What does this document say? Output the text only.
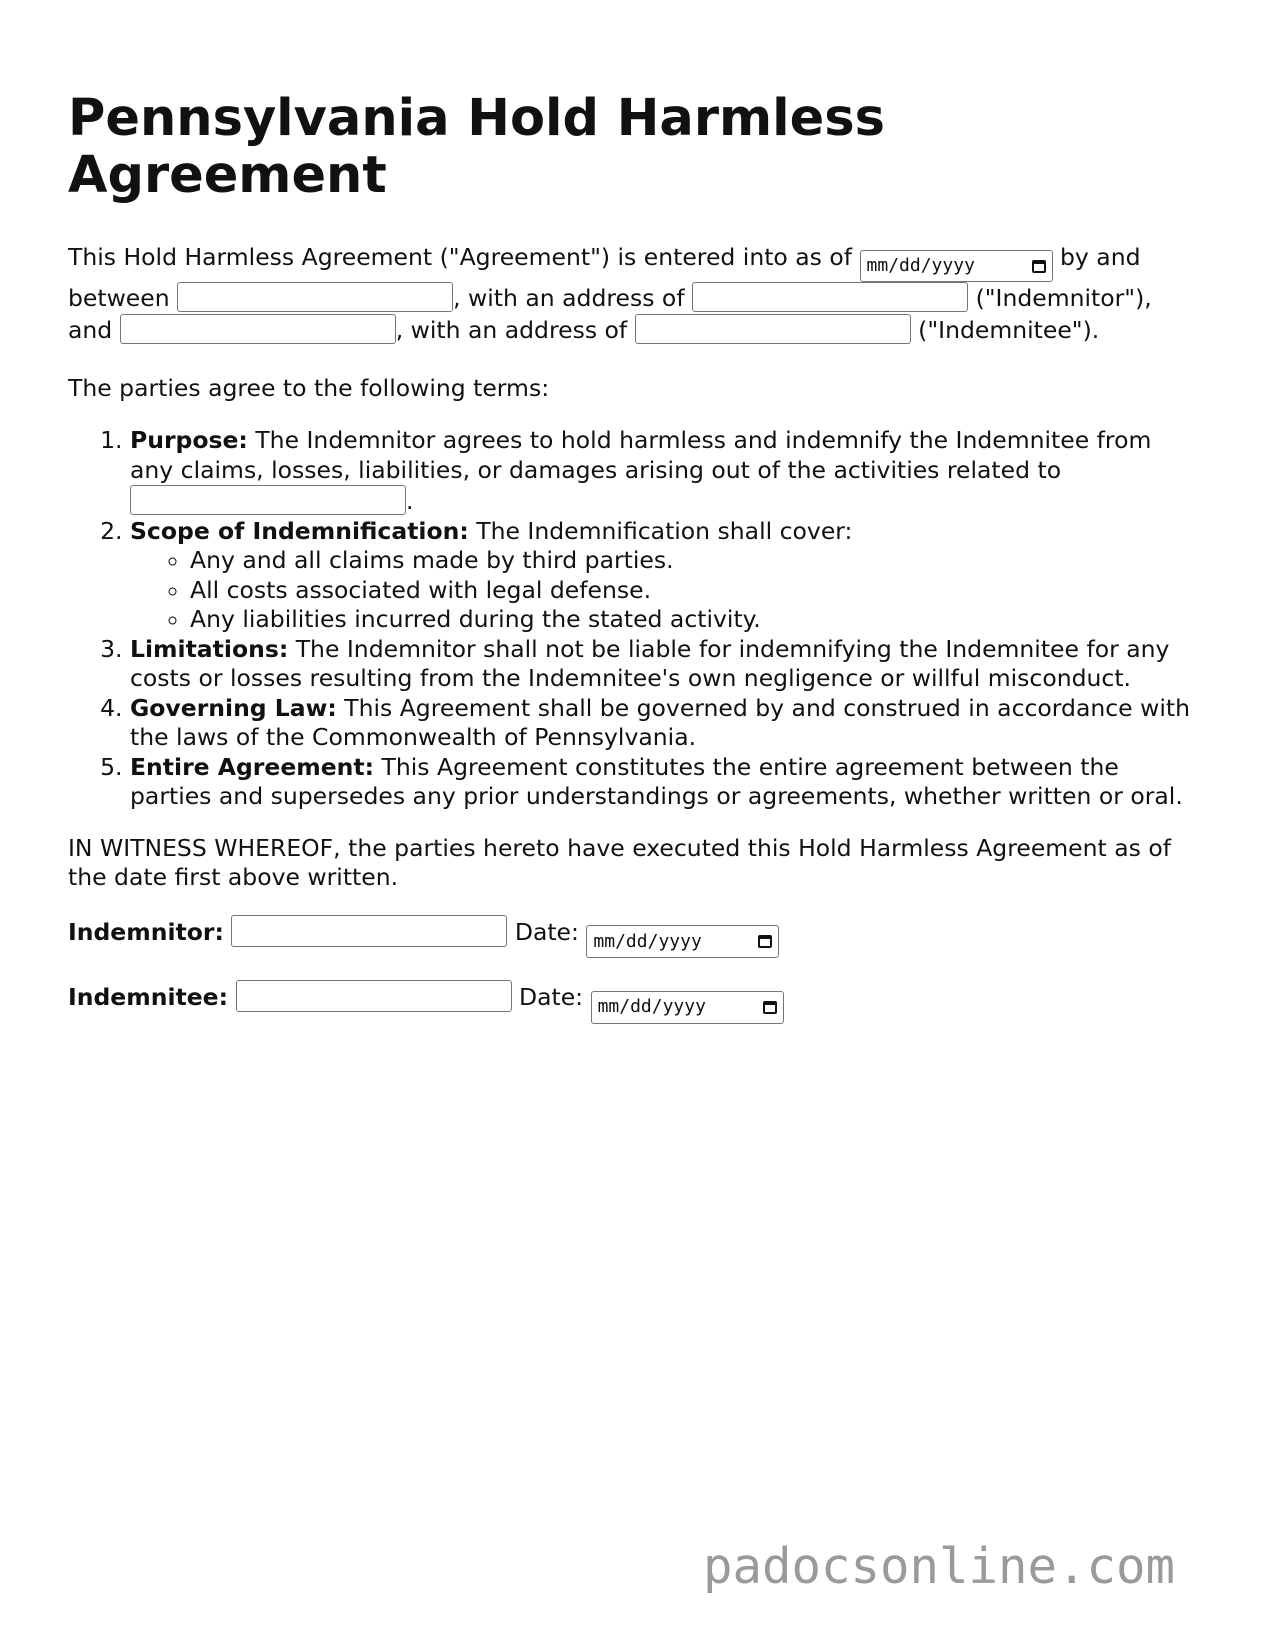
Pennsylvania Hold Harmless Agreement
This Hold Harmless Agreement ("Agreement") is entered into as of mm/dd/yyyy	by and between	, with an address of	("Indemnitor"), and	, with an address of	("Indemnitee").

The parties agree to the following terms:

1. Purpose: The Indemnitor agrees to hold harmless and indemnify the Indemnitee from any claims, losses, liabilities, or damages arising out of the activities related to .
2. Scope of Indemnification: The Indemnification shall cover:
◦ Any and all claims made by third parties.
◦ All costs associated with legal defense.
◦ Any liabilities incurred during the stated activity.
3. Limitations: The Indemnitor shall not be liable for indemnifying the Indemnitee for any costs or losses resulting from the Indemnitee's own negligence or willful misconduct.
4. Governing Law: This Agreement shall be governed by and construed in accordance with the laws of the Commonwealth of Pennsylvania.
5. Entire Agreement: This Agreement constitutes the entire agreement between the parties and supersedes any prior understandings or agreements, whether written or oral.

IN WITNESS WHEREOF, the parties hereto have executed this Hold Harmless Agreement as of the date first above written.

Indemnitor:	Date: mm/dd/yyyy
Indemnitee:	Date: mm/dd/yyyy
padocsonline.com
